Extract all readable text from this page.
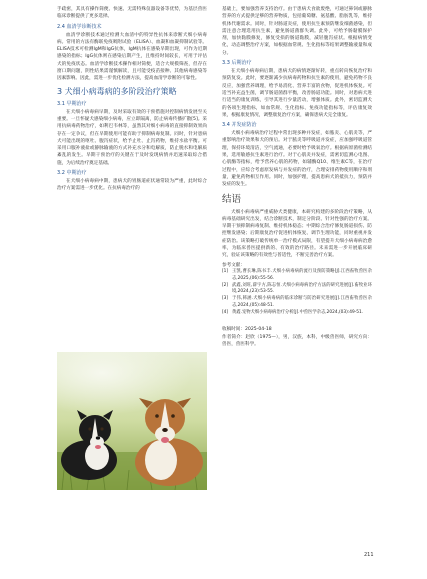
手疏密，其具有操作简便、快速、无需特殊仪器设备等优势，为基层兽医临床诊断提供了更多选择。

2.4 血清学诊断技术

血清学诊断技术通过检测大血清中的特异性抗体来诊断犬细小病毒病。常用的方法有酶联免疫吸附试验（ELISA）、血凝和血凝抑制试验等。ELISA技术可检测IgM和IgG抗体，IgM抗体在感染早期出现，可作为近期感染的指标；IgG抗体则在感染后期产生，且维持时间较长，可用于评估犬的免疫状态。血清学诊断技术操作相对简便，适合大规模筛查，但存在窗口期问题，阴性结果需谨慎解读，且可能受疫苗接种、其他病毒感染等因素影响。因此，需进一步优化检测方法，提高血清学诊断的可靠性。

3 犬细小病毒病的多阶段治疗策略
3.1 早期治疗

在犬细小病毒病早期，及时采取有效的干预措施对控制病情发展至关重要。一旦怀疑犬感染细小病毒，应立即隔离，防止病毒传播扩散[5]。采用抗病毒药物治疗，如利巴韦林等，虽然其对细小病毒的直接抑制效果尚存在一定争议，但在早期使用可能有助于抑制病毒复制。同时，针对患病犬可能出现的呕吐、腹泻症状，给予止吐、止泻药物，维持水盐平衡。可采用口服补液盐或静脉输液的方式补充水分和电解质，防止脱水和电解质紊乱的发生。早期干预治疗的关键在于及时发现病情并迅速采取综合措施，为后续治疗奠定基础。

3.2 中期治疗

在犬细小病毒病中期，患病犬的胃肠道症状通常较为严重，此时综合治疗方案需进一步优化。在抗病毒治疗的

基础上，要加强营养支持治疗。由于患病犬食欲废绝，可通过鼻饲或静脉营养的方式提供足够的营养物质，包括葡萄糖、氨基酸、脂肪乳等，维持机体代谢需求。同时，针对肠道炎症，使用抗生素预防继发细菌感染，但需注意合理选用抗生素，避免肠道菌群失调。此外，可给予肠黏膜保护剂，加快黏膜修复，修复受损的肠道黏膜，减轻腹泻症状。根据病情变化，动态调整治疗方案，如根据血常规、生化指标等结果调整输液量和成分。

3.3 后期治疗

在犬细小病毒病后期，患病犬的病情逐渐好转，重点转向恢复治疗和预防复发。此时，要逐渐减少抗病毒药物和抗生素的使用，避免药物不良反应，加强营养调理，给予易消化、营养丰富的食物，促进机体恢复。可适当补充益生菌，调节肠道菌群平衡，改善肠道功能。同时，对患病犬进行适当的康复训练，引导其进行少量活动，增强体质。此外，密切监测犬的各项生理指标，如血常规、生化指标、免疫功能指标等，评估康复效果，根据康复情况，调整康复治疗方案，确保患病犬完全康复。

3.4 并发症防治

犬细小病毒病治疗过程中常出现多种并发症，如脓炎、心肌炎等，严重影响治疗效果和犬的预后。对于脓炎等呼吸道并发症，应加强呼吸道管理，保持环境清洁，空气流通，必要时给予吸氧治疗。根据病原菌检测结果，选用敏感抗生素进行治疗。对于心肌炎并发症，需密切监测心电图、心肌酶等指标，给予营养心肌的药物，如辅酶Q10、维生素C等，在治疗过程中，应综合考虑原发病与并发症的治疗，合理安排药物使用顺序和剂量，避免药物相互作用。同时，加强护理，提高患病犬的抵抗力，预防并发症的发生。

结语

犬细小病毒病严重威胁犬类健康，本研究构建的多阶段治疗策略，从病毒基础研究出发，结合诊断技术，制定分阶段、针对性强的治疗方案。早期干预抑制病毒复制、维持机体稳态；中期综合治疗修复肠道损伤、防控继发感染；后期康复治疗促进机体恢复、调节生理功能，同时重视并发症防治。该策略打破传统单一治疗模式局限，有望提升犬细小病毒病治愈率，为临床兽医提供新的、有效的治疗路径。未来需进一步开展临床研究，验证该策略的有效性与普适性，不断完善治疗方案。

参考文献：
[1] 王凯,曹长琳,陈书丰.犬细小病毒病的流行及预防策略[J].江西畜牧兽医杂志,2025,(06):55-56.
[2] 武鑫,刘旺,薛宇方,陈志恒.犬细小病毒病治疗方法的研究进展[J].畜牧业环境,2024,(23):53-55.
[3] 于伟,韩涵.犬细小病毒病的临床诊断与防治研究进展[J].江西畜牧兽医杂志,2024,(05):48-51.
[4] 黄鑫.宠物犬细小病毒病治疗分析[J].中兽医学杂志,2024,(03):49-51.
收稿时间：2025-04-18
作者简介：赵欣（1975—），男，汉族，本科，中级兽医师，研究方向：兽医，兽医科学。
211
